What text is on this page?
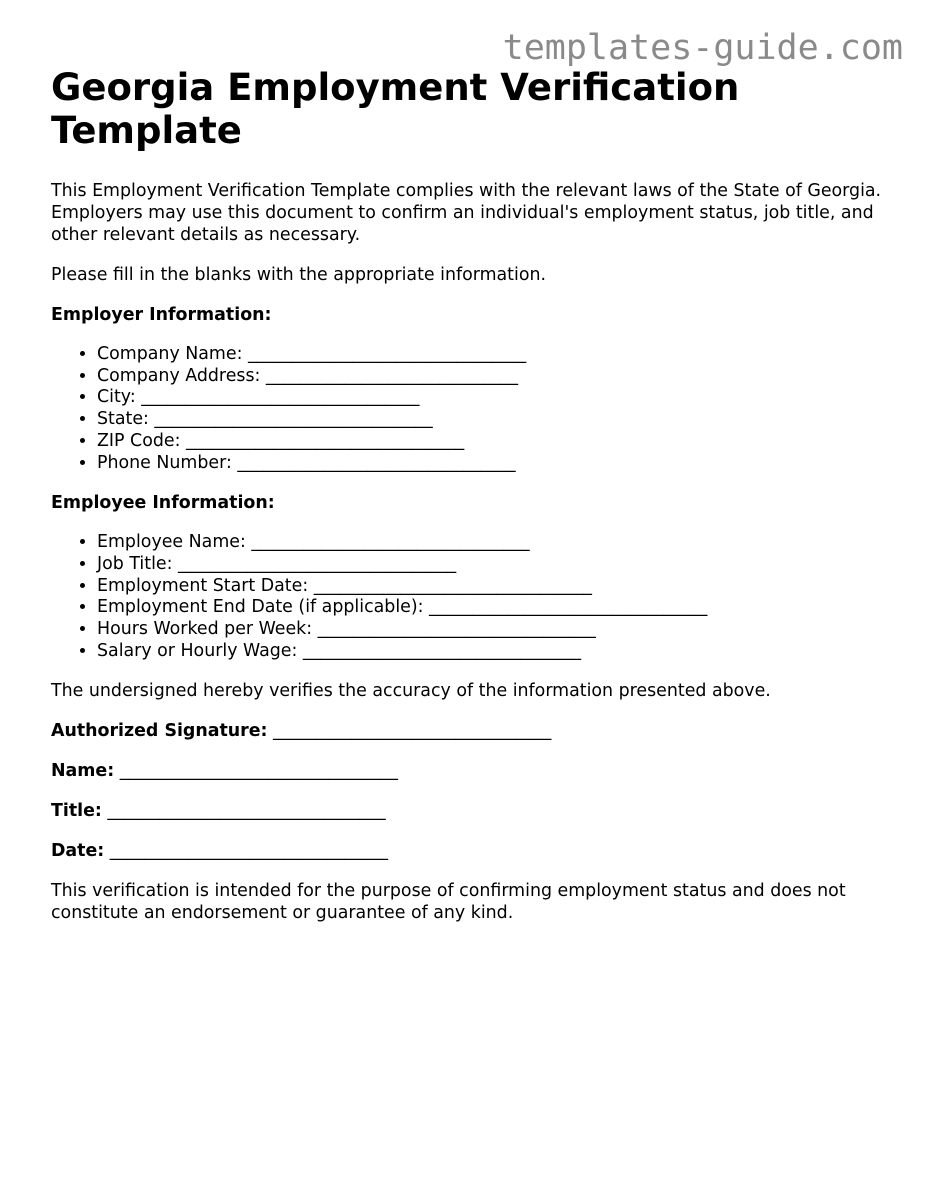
templates-guide.com
Georgia Employment Verification Template

This Employment Verification Template complies with the relevant laws of the State of Georgia. Employers may use this document to confirm an individual's employment status, job title, and other relevant details as necessary.

Please fill in the blanks with the appropriate information.

Employer Information:
• Company Name: ________________________________
• Company Address: _____________________________
• City: ________________________________
• State: ________________________________
• ZIP Code: ________________________________
• Phone Number: ________________________________
Employee Information:
• Employee Name: ________________________________
• Job Title: ________________________________
• Employment Start Date: ________________________________
• Employment End Date (if applicable): ________________________________
• Hours Worked per Week: ________________________________
• Salary or Hourly Wage: ________________________________

The undersigned hereby verifies the accuracy of the information presented above.

Authorized Signature: ________________________________
Name: ________________________________
Title: ________________________________
Date: ________________________________

This verification is intended for the purpose of confirming employment status and does not constitute an endorsement or guarantee of any kind.
